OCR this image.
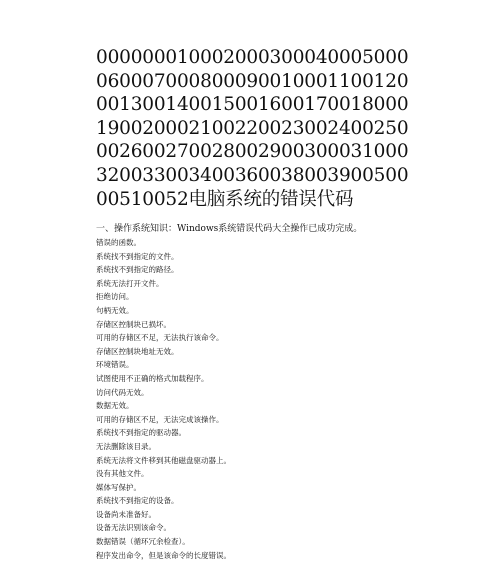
000000010002000300040005000
060007000800090010001100120
001300140015001600170018000
190020002100220023002400250
002600270028002900300031000
320033003400360038003900500
00510052电脑系统的错误代码
一、操作系统知识：Windows系统错误代码大全操作已成功完成。
错误的函数。
系统找不到指定的文件。
系统找不到指定的路径。
系统无法打开文件。
拒绝访问。
句柄无效。
存储区控制块已损坏。
可用的存储区不足，无法执行该命令。
存储区控制块地址无效。
环境错误。
试图使用不正确的格式加载程序。
访问代码无效。
数据无效。
可用的存储区不足，无法完成该操作。
系统找不到指定的驱动器。
无法删除该目录。
系统无法将文件移到其他磁盘驱动器上。
没有其他文件。
媒体写保护。
系统找不到指定的设备。
设备尚未准备好。
设备无法识别该命令。
数据错误（循环冗余检查）。
程序发出命令，但是该命令的长度错误。
